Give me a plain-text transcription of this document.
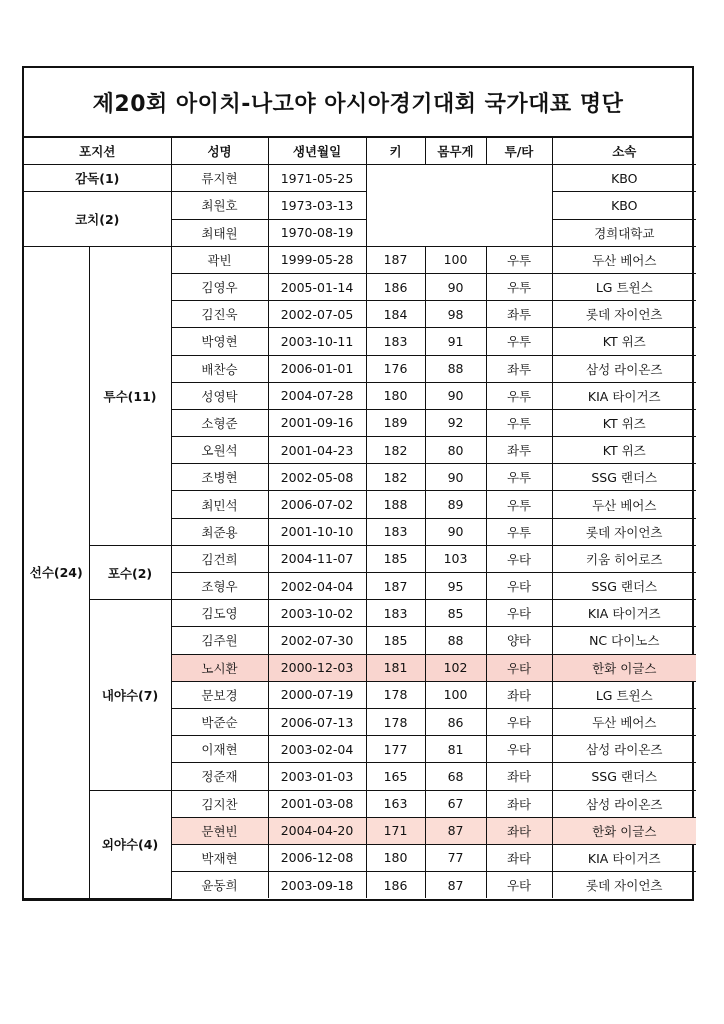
제20회 아이치-나고야 아시아경기대회 국가대표 명단
포지션		성명	생년월일	키	몸무게	투/타	소속
감독(1)		류지현	1971-05-25				KBO
코치(2)		최원호	1973-03-13				KBO
		최태원	1970-08-19				경희대학교
선수(24)	투수(11)	곽빈	1999-05-28	187	100	우투	두산 베어스
		김영우	2005-01-14	186	90	우투	LG 트윈스
		김진욱	2002-07-05	184	98	좌투	롯데 자이언츠
		박영현	2003-10-11	183	91	우투	KT 위즈
		배찬승	2006-01-01	176	88	좌투	삼성 라이온즈
		성영탁	2004-07-28	180	90	우투	KIA 타이거즈
		소형준	2001-09-16	189	92	우투	KT 위즈
		오원석	2001-04-23	182	80	좌투	KT 위즈
		조병현	2002-05-08	182	90	우투	SSG 랜더스
		최민석	2006-07-02	188	89	우투	두산 베어스
		최준용	2001-10-10	183	90	우투	롯데 자이언츠
	포수(2)	김건희	2004-11-07	185	103	우타	키움 히어로즈
		조형우	2002-04-04	187	95	우타	SSG 랜더스
	내야수(7)	김도영	2003-10-02	183	85	우타	KIA 타이거즈
		김주원	2002-07-30	185	88	양타	NC 다이노스
		노시환	2000-12-03	181	102	우타	한화 이글스
		문보경	2000-07-19	178	100	좌타	LG 트윈스
		박준순	2006-07-13	178	86	우타	두산 베어스
		이재현	2003-02-04	177	81	우타	삼성 라이온즈
		정준재	2003-01-03	165	68	좌타	SSG 랜더스
	외야수(4)	김지찬	2001-03-08	163	67	좌타	삼성 라이온즈
		문현빈	2004-04-20	171	87	좌타	한화 이글스
		박재현	2006-12-08	180	77	좌타	KIA 타이거즈
		윤동희	2003-09-18	186	87	우타	롯데 자이언츠
